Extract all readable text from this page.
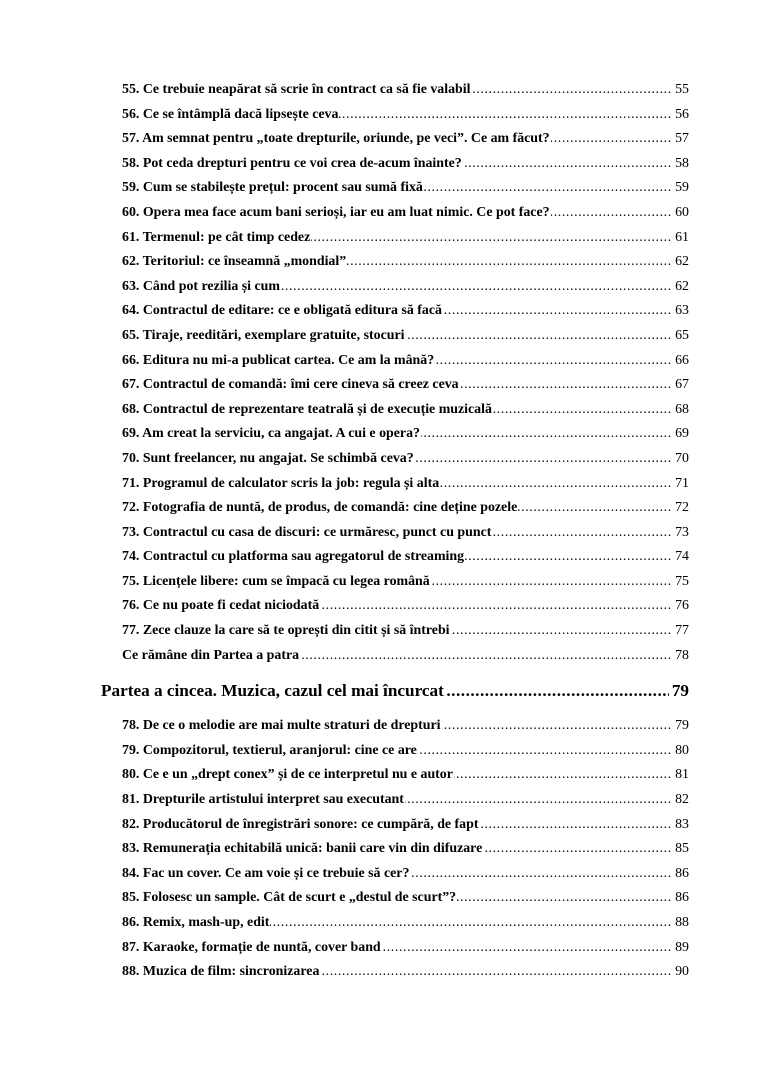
.....
55. Ce trebuie neapărat să scrie în contract ca să fie valabil	55
.....
56. Ce se întâmplă dacă lipsește ceva	56
.....
57. Am semnat pentru „toate drepturile, oriunde, pe veci”. Ce am făcut?	57
.....
58. Pot ceda drepturi pentru ce voi crea de-acum înainte?	58
.....
59. Cum se stabilește prețul: procent sau sumă fixă	59
.....
60. Opera mea face acum bani serioși, iar eu am luat nimic. Ce pot face?	60
.....
61. Termenul: pe cât timp cedez	61
.....
62. Teritoriul: ce înseamnă „mondial”	62
.....
63. Când pot rezilia și cum	62
.....
64. Contractul de editare: ce e obligată editura să facă	63
.....
65. Tiraje, reeditări, exemplare gratuite, stocuri	65
.....
66. Editura nu mi-a publicat cartea. Ce am la mână?	66
.....
67. Contractul de comandă: îmi cere cineva să creez ceva	67
.....
68. Contractul de reprezentare teatrală și de execuție muzicală	68
.....
69. Am creat la serviciu, ca angajat. A cui e opera?	69
.....
70. Sunt freelancer, nu angajat. Se schimbă ceva?	70
.....
71. Programul de calculator scris la job: regula și alta	71
.....
72. Fotografia de nuntă, de produs, de comandă: cine deține pozele	72
.....
73. Contractul cu casa de discuri: ce urmăresc, punct cu punct	73
.....
74. Contractul cu platforma sau agregatorul de streaming	74
.....
75. Licențele libere: cum se împacă cu legea română	75
.....
76. Ce nu poate fi cedat niciodată	76
.....
77. Zece clauze la care să te oprești din citit și să întrebi	77
.....
Ce rămâne din Partea a patra	78
.....
Partea a cincea. Muzica, cazul cel mai încurcat	79
.....
78. De ce o melodie are mai multe straturi de drepturi	79
.....
79. Compozitorul, textierul, aranjorul: cine ce are	80
.....
80. Ce e un „drept conex” și de ce interpretul nu e autor	81
.....
81. Drepturile artistului interpret sau executant	82
.....
82. Producătorul de înregistrări sonore: ce cumpără, de fapt	83
.....
83. Remunerația echitabilă unică: banii care vin din difuzare	85
.....
84. Fac un cover. Ce am voie și ce trebuie să cer?	86
.....
85. Folosesc un sample. Cât de scurt e „destul de scurt”?	86
.....
86. Remix, mash-up, edit	88
.....
87. Karaoke, formație de nuntă, cover band	89
.....
88. Muzica de film: sincronizarea	90
